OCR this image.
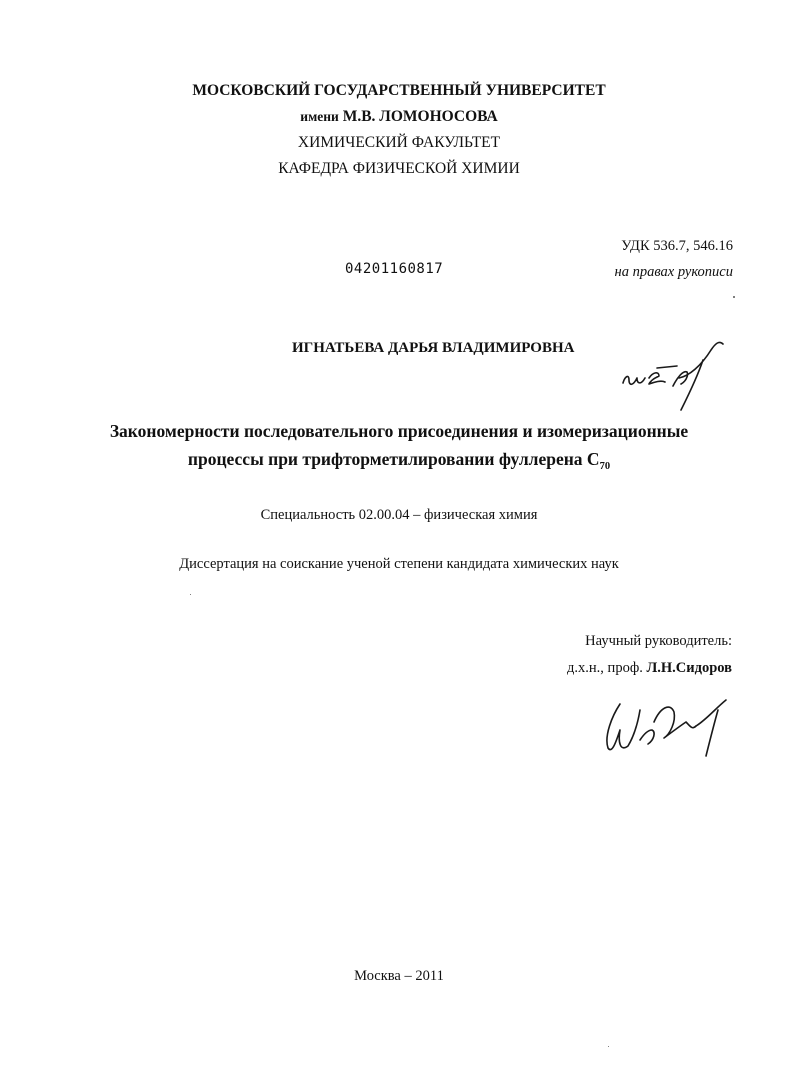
МОСКОВСКИЙ ГОСУДАРСТВЕННЫЙ УНИВЕРСИТЕТ
имени М.В. ЛОМОНОСОВА
ХИМИЧЕСКИЙ ФАКУЛЬТЕТ
КАФЕДРА ФИЗИЧЕСКОЙ ХИМИИ
УДК 536.7, 546.16
на правах рукописи
04201160817
ИГНАТЬЕВА ДАРЬЯ ВЛАДИМИРОВНА
Закономерности последовательного присоединения и изомеризационные
процессы при трифторметилировании фуллерена $C_{70}$
Специальность 02.00.04 – физическая химия
Диссертация на соискание ученой степени кандидата химических наук
Научный руководитель:
д.х.н., проф. Л.Н.Сидоров
Москва – 2011
